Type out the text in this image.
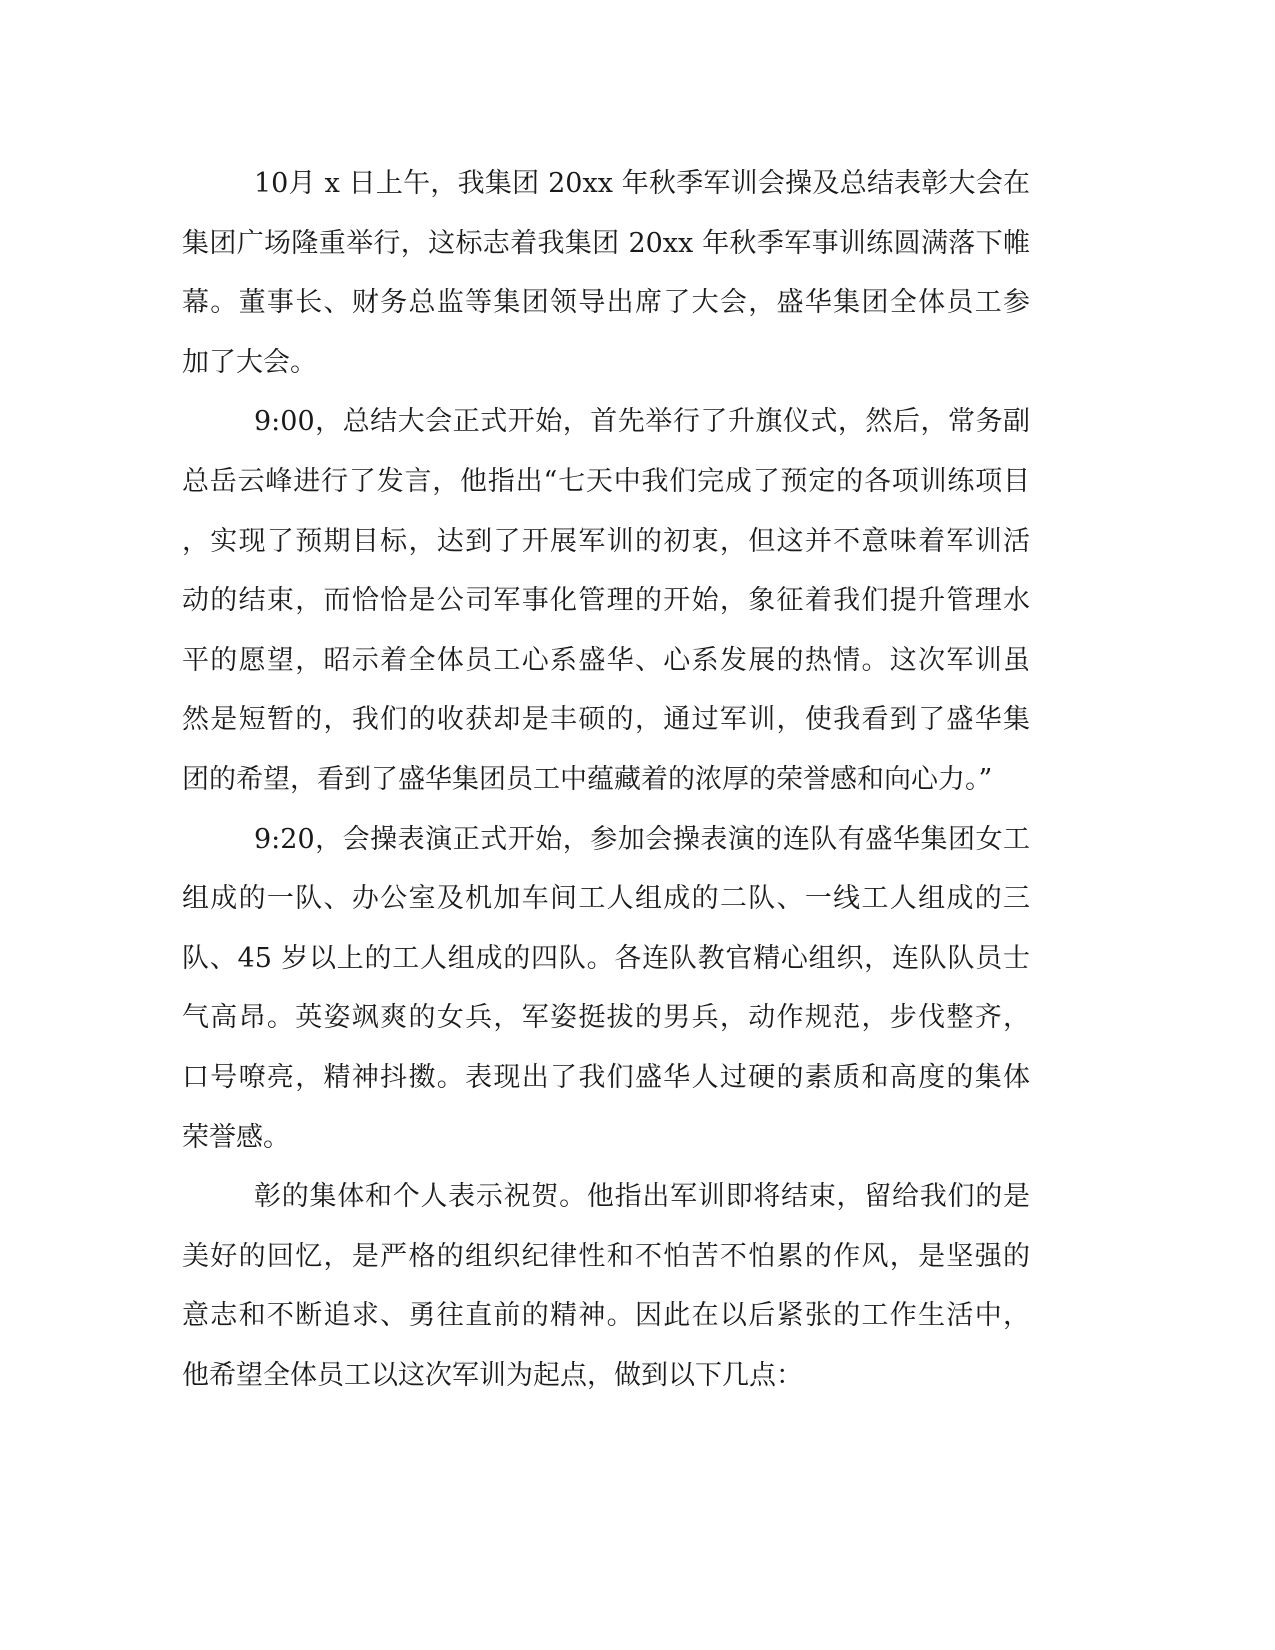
10月 x 日上午，我集团 20xx 年秋季军训会操及总结表彰大会在
集团广场隆重举行，这标志着我集团 20xx 年秋季军事训练圆满落下帷
幕。董事长、财务总监等集团领导出席了大会，盛华集团全体员工参
加了大会。
9:00，总结大会正式开始，首先举行了升旗仪式，然后，常务副
总岳云峰进行了发言，他指出“七天中我们完成了预定的各项训练项目
，实现了预期目标，达到了开展军训的初衷，但这并不意味着军训活
动的结束，而恰恰是公司军事化管理的开始，象征着我们提升管理水
平的愿望，昭示着全体员工心系盛华、心系发展的热情。这次军训虽
然是短暂的，我们的收获却是丰硕的，通过军训，使我看到了盛华集
团的希望，看到了盛华集团员工中蕴藏着的浓厚的荣誉感和向心力。”
9:20，会操表演正式开始，参加会操表演的连队有盛华集团女工
组成的一队、办公室及机加车间工人组成的二队、一线工人组成的三
队、45 岁以上的工人组成的四队。各连队教官精心组织，连队队员士
气高昂。英姿飒爽的女兵，军姿挺拔的男兵，动作规范，步伐整齐，
口号嘹亮，精神抖擞。表现出了我们盛华人过硬的素质和高度的集体
荣誉感。
彰的集体和个人表示祝贺。他指出军训即将结束，留给我们的是
美好的回忆，是严格的组织纪律性和不怕苦不怕累的作风，是坚强的
意志和不断追求、勇往直前的精神。因此在以后紧张的工作生活中，
他希望全体员工以这次军训为起点，做到以下几点：
